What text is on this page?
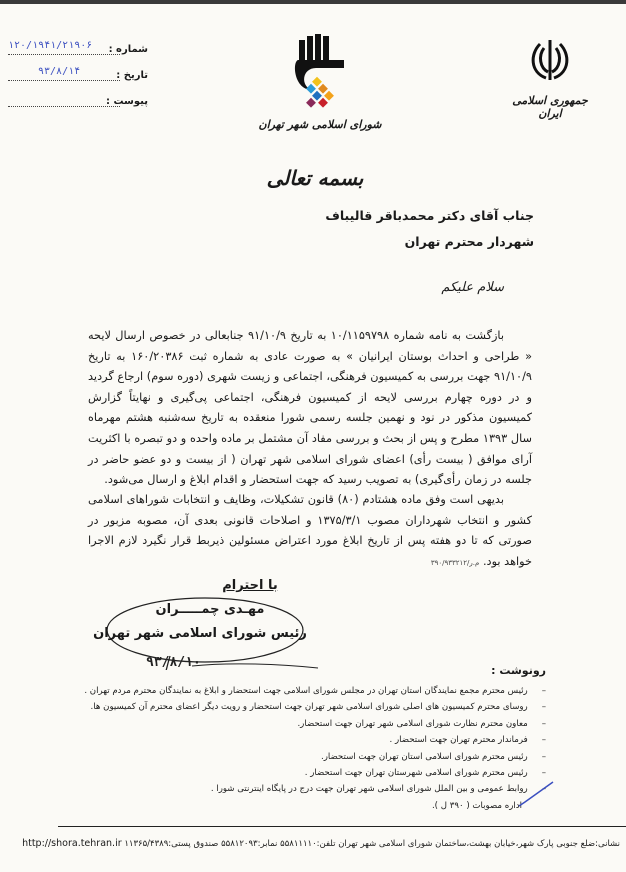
شماره :
۱۲۰/۱۹۴۱/۲۱۹۰۶
تاریخ :
۹۳/۸/۱۴
پیوست :
شورای اسلامی شهر تهران
جمهوری اسلامی ایران
بسمه تعالی
جناب آقای دکتر محمدباقر قالیباف
شهردار محترم تهران
سلام علیکم
بازگشت به نامه شماره ۱۰/۱۱۵۹۷۹۸ به تاریخ ۹۱/۱۰/۹ جنابعالی در خصوص ارسال لایحه « طراحی و احداث بوستان ایرانیان » به صورت عادی به شماره ثبت ۱۶۰/۲۰۳۸۶ به تاریخ ۹۱/۱۰/۹ جهت بررسی به کمیسیون فرهنگی، اجتماعی و زیست شهری (دوره سوم) ارجاع گردید و در دوره چهارم بررسی لایحه از کمیسیون فرهنگی، اجتماعی پی‌گیری و نهایتاً گزارش کمیسیون مذکور در نود و نهمین جلسه رسمی شورا منعقده به تاریخ سه‌شنبه هشتم مهرماه سال ۱۳۹۳ مطرح و پس از بحث و بررسی مفاد آن مشتمل بر ماده واحده و دو تبصره با اکثریت آرای موافق ( بیست رأی) اعضای شورای اسلامی شهر تهران ( از بیست و دو عضو حاضر در جلسه در زمان رأی‌گیری) به تصویب رسید که جهت استحضار و اقدام ابلاغ و ارسال می‌شود.
بدیهی است وفق ماده هشتادم (۸۰) قانون تشکیلات، وظایف و انتخابات شوراهای اسلامی کشور و انتخاب شهرداران مصوب ۱۳۷۵/۳/۱ و اصلاحات قانونی بعدی آن، مصوبه مزبور در صورتی که تا دو هفته پس از تاریخ ابلاغ مورد اعتراض مسئولین ذیربط قرار نگیرد لازم الاجرا خواهد بود. م.ر/۳۹۰/۹۳۳۲۱۲
با احترام
مهـدی چمـــــران
رئیس شورای اسلامی شهر تهران
۹۳/۸/۱۰
رونوشت :
– رئیس محترم مجمع نمایندگان استان تهران در مجلس شورای اسلامی جهت استحضار و ابلاغ به نمایندگان محترم مردم تهران .
– روسای محترم کمیسیون های اصلی شورای اسلامی شهر تهران جهت استحضار و رویت دیگر اعضای محترم آن کمیسیون ها.
– معاون محترم نظارت شورای اسلامی شهر تهران جهت استحضار.
– فرماندار محترم تهران جهت استحضار .
– رئیس محترم شورای اسلامی استان تهران جهت استحضار.
– رئیس محترم شورای اسلامی شهرستان تهران جهت استحضار .
– روابط عمومی و بین الملل شورای اسلامی شهر تهران جهت درج در پایگاه اینترنتی شورا .
اداره مصوبات ( ۳۹۰ ل ).
نشانی:ضلع جنوبی پارک شهر،خیابان بهشت،ساختمان شورای اسلامی شهر تهران تلفن:۵۵۸۱۱۱۱۰ نمابر:۵۵۸۱۲۰۹۳ صندوق پستی:۱۱۳۶۵/۴۳۸۹ http://shora.tehran.ir
